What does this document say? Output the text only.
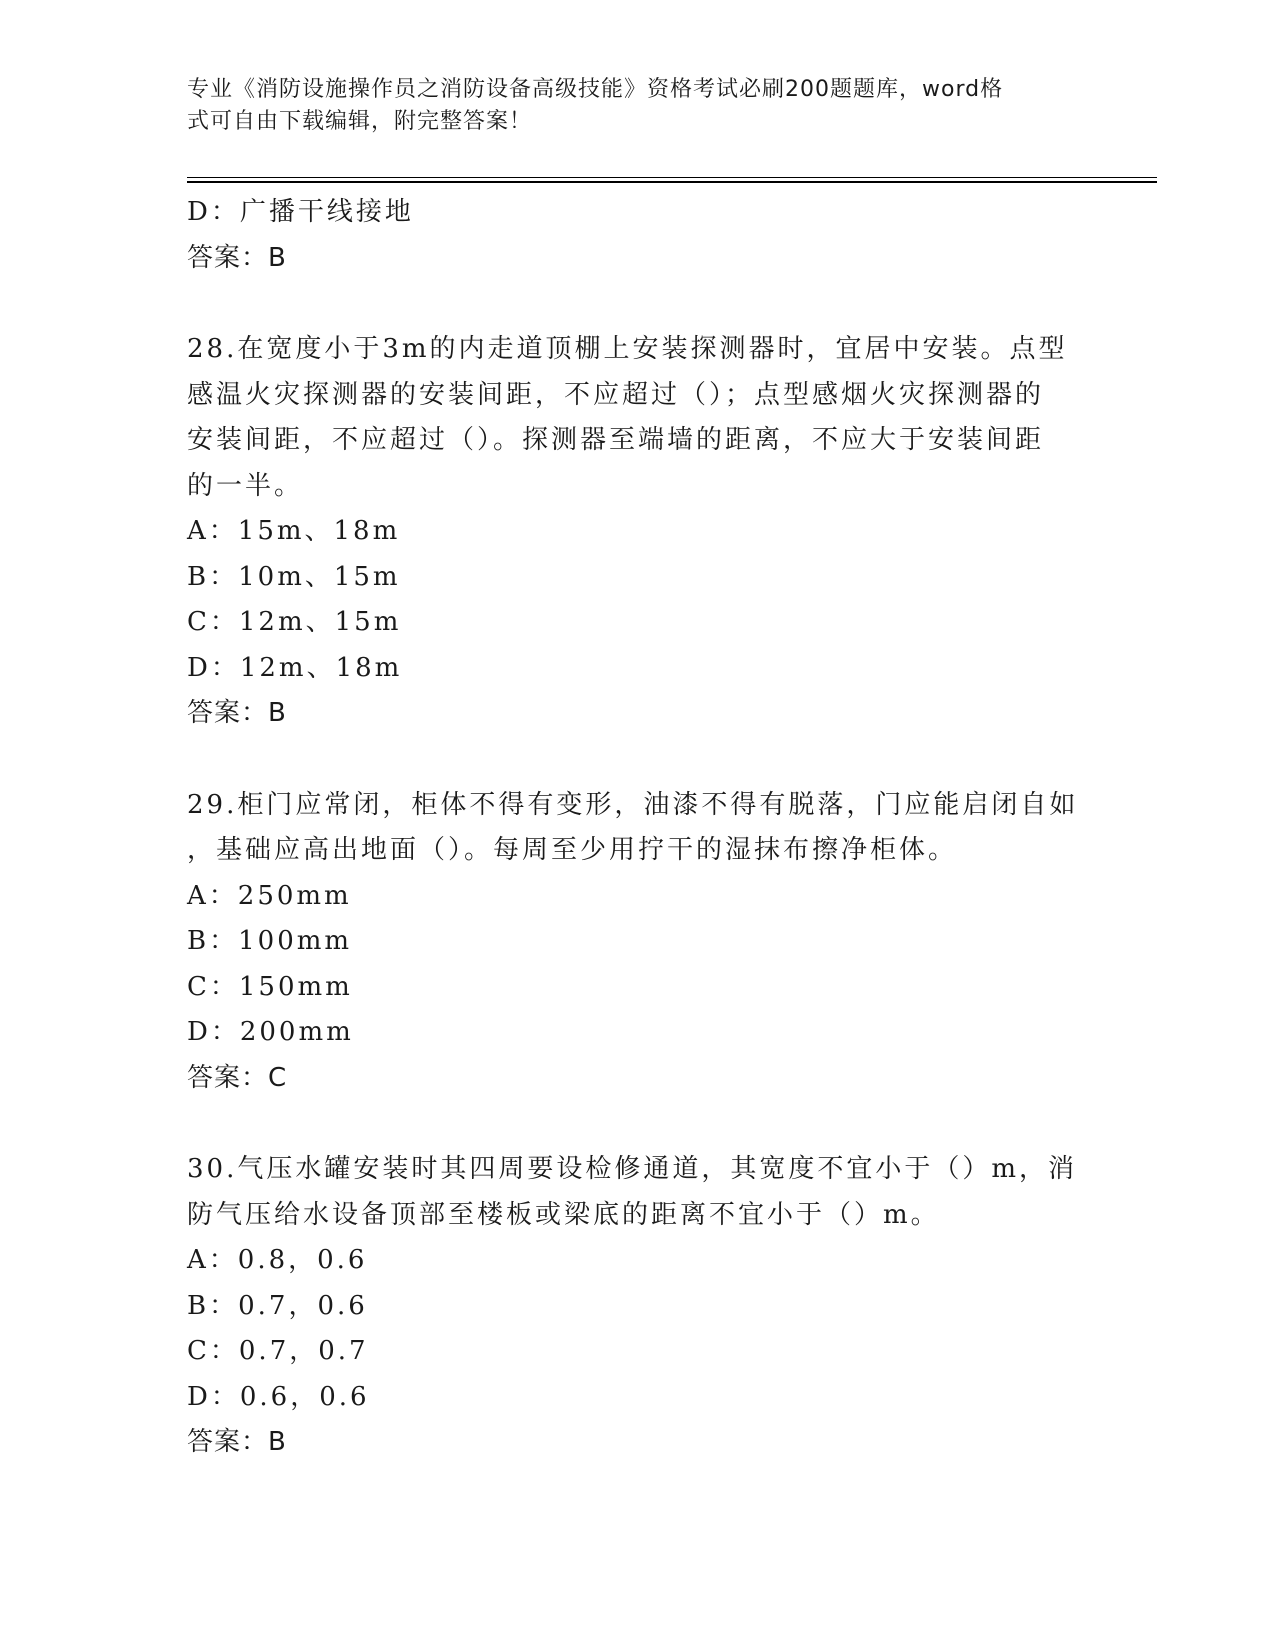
专业《消防设施操作员之消防设备高级技能》资格考试必刷200题题库，word格
式可自由下载编辑，附完整答案！
D：广播干线接地
答案：B
28.在宽度小于3m的内走道顶棚上安装探测器时，宜居中安装。点型
感温火灾探测器的安装间距，不应超过（）；点型感烟火灾探测器的
安装间距，不应超过（）。探测器至端墙的距离，不应大于安装间距
的一半。
A：15m、18m
B：10m、15m
C：12m、15m
D：12m、18m
答案：B
29.柜门应常闭，柜体不得有变形，油漆不得有脱落，门应能启闭自如
，基础应高出地面（）。每周至少用拧干的湿抹布擦净柜体。
A：250mm
B：100mm
C：150mm
D：200mm
答案：C
30.气压水罐安装时其四周要设检修通道，其宽度不宜小于（）m，消
防气压给水设备顶部至楼板或梁底的距离不宜小于（）m。
A：0.8，0.6
B：0.7，0.6
C：0.7，0.7
D：0.6，0.6
答案：B
